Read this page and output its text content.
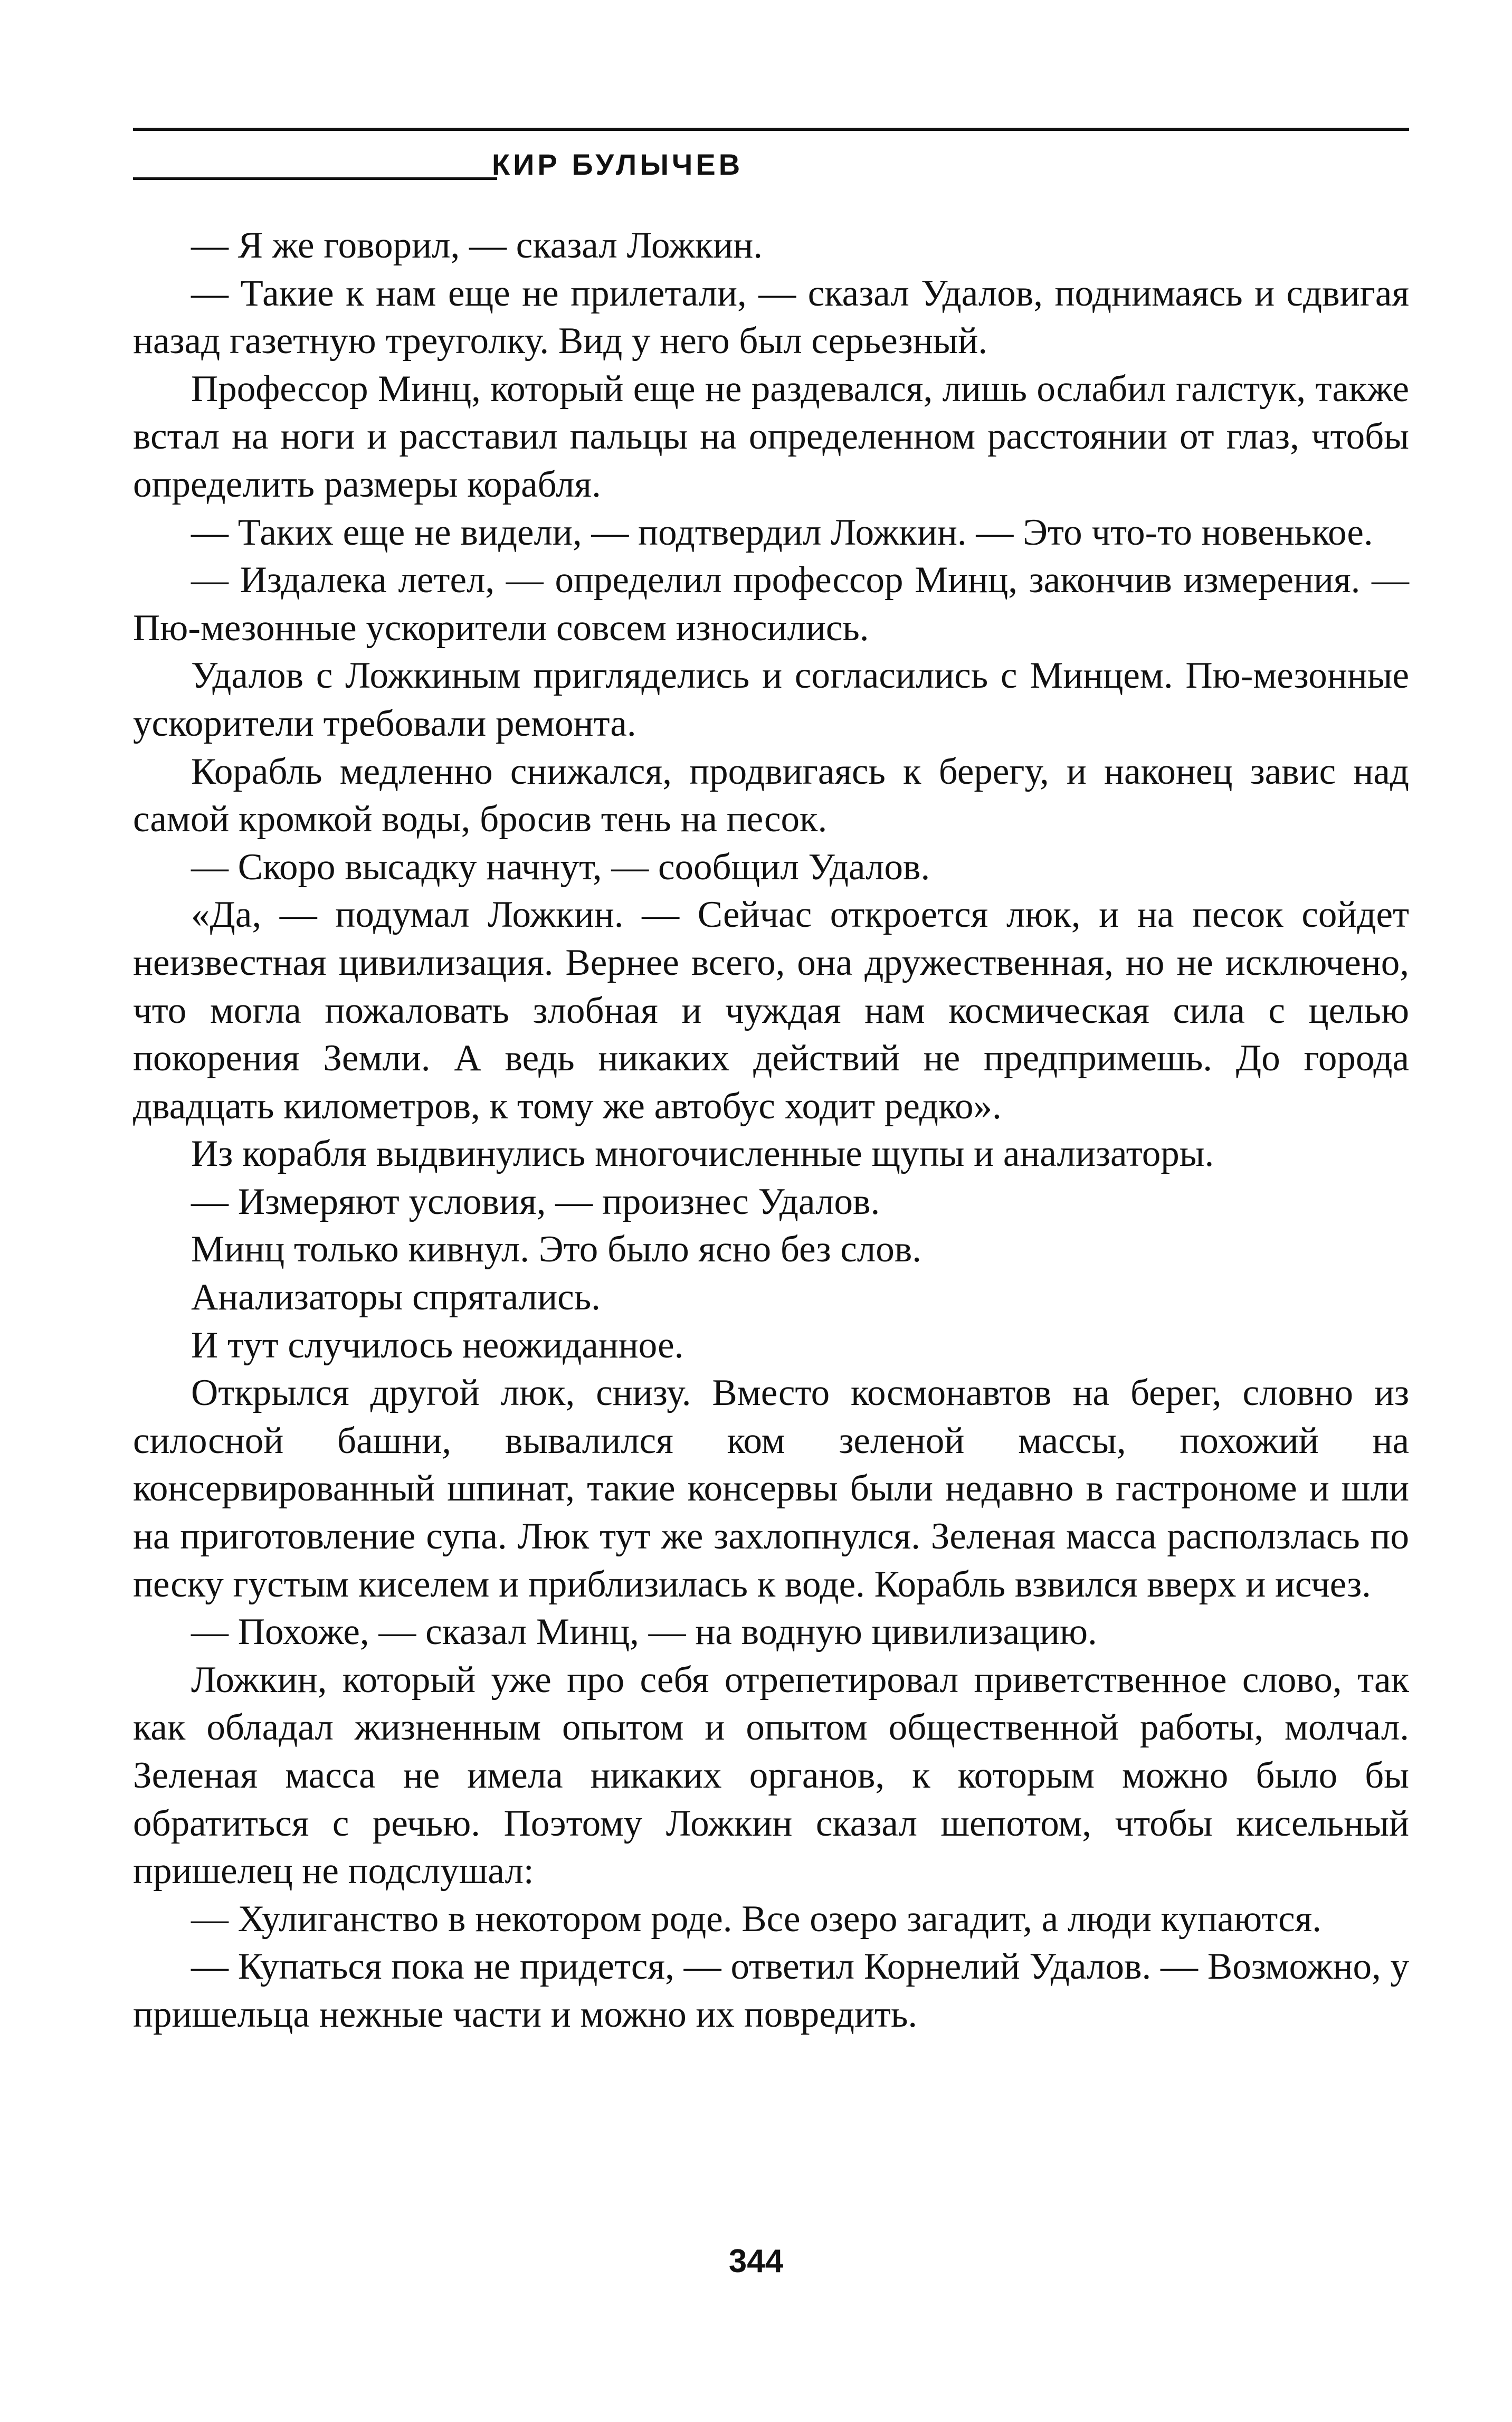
КИР БУЛЫЧЕВ

— Я же говорил, — сказал Ложкин.

— Такие к нам еще не прилетали, — сказал Удалов, поднимаясь и сдвигая назад газетную треуголку. Вид у него был серьезный.

Профессор Минц, который еще не раздевался, лишь ослабил галстук, также встал на ноги и расставил пальцы на определенном расстоянии от глаз, чтобы определить размеры корабля.

— Таких еще не видели, — подтвердил Ложкин. — Это что-то новенькое.

— Издалека летел, — определил профессор Минц, закончив измерения. — Пю-мезонные ускорители совсем износились.

Удалов с Ложкиным пригляделись и согласились с Минцем. Пю-мезонные ускорители требовали ремонта.

Корабль медленно снижался, продвигаясь к берегу, и наконец завис над самой кромкой воды, бросив тень на песок.

— Скоро высадку начнут, — сообщил Удалов.

«Да, — подумал Ложкин. — Сейчас откроется люк, и на песок сойдет неизвестная цивилизация. Вернее всего, она дружественная, но не исключено, что могла пожаловать злобная и чуждая нам космическая сила с целью покорения Земли. А ведь никаких действий не предпримешь. До города двадцать километров, к тому же автобус ходит редко».

Из корабля выдвинулись многочисленные щупы и анализаторы.

— Измеряют условия, — произнес Удалов.

Минц только кивнул. Это было ясно без слов.

Анализаторы спрятались.

И тут случилось неожиданное.

Открылся другой люк, снизу. Вместо космонавтов на берег, словно из силосной башни, вывалился ком зеленой массы, похожий на консервированный шпинат, такие консервы были недавно в гастрономе и шли на приготовление супа. Люк тут же захлопнулся. Зеленая масса расползлась по песку густым киселем и приблизилась к воде. Корабль взвился вверх и исчез.

— Похоже, — сказал Минц, — на водную цивилизацию.

Ложкин, который уже про себя отрепетировал приветственное слово, так как обладал жизненным опытом и опытом общественной работы, молчал. Зеленая масса не имела никаких органов, к которым можно было бы обратиться с речью. Поэтому Ложкин сказал шепотом, чтобы кисельный пришелец не подслушал:

— Хулиганство в некотором роде. Все озеро загадит, а люди купаются.

— Купаться пока не придется, — ответил Корнелий Удалов. — Возможно, у пришельца нежные части и можно их повредить.

344
